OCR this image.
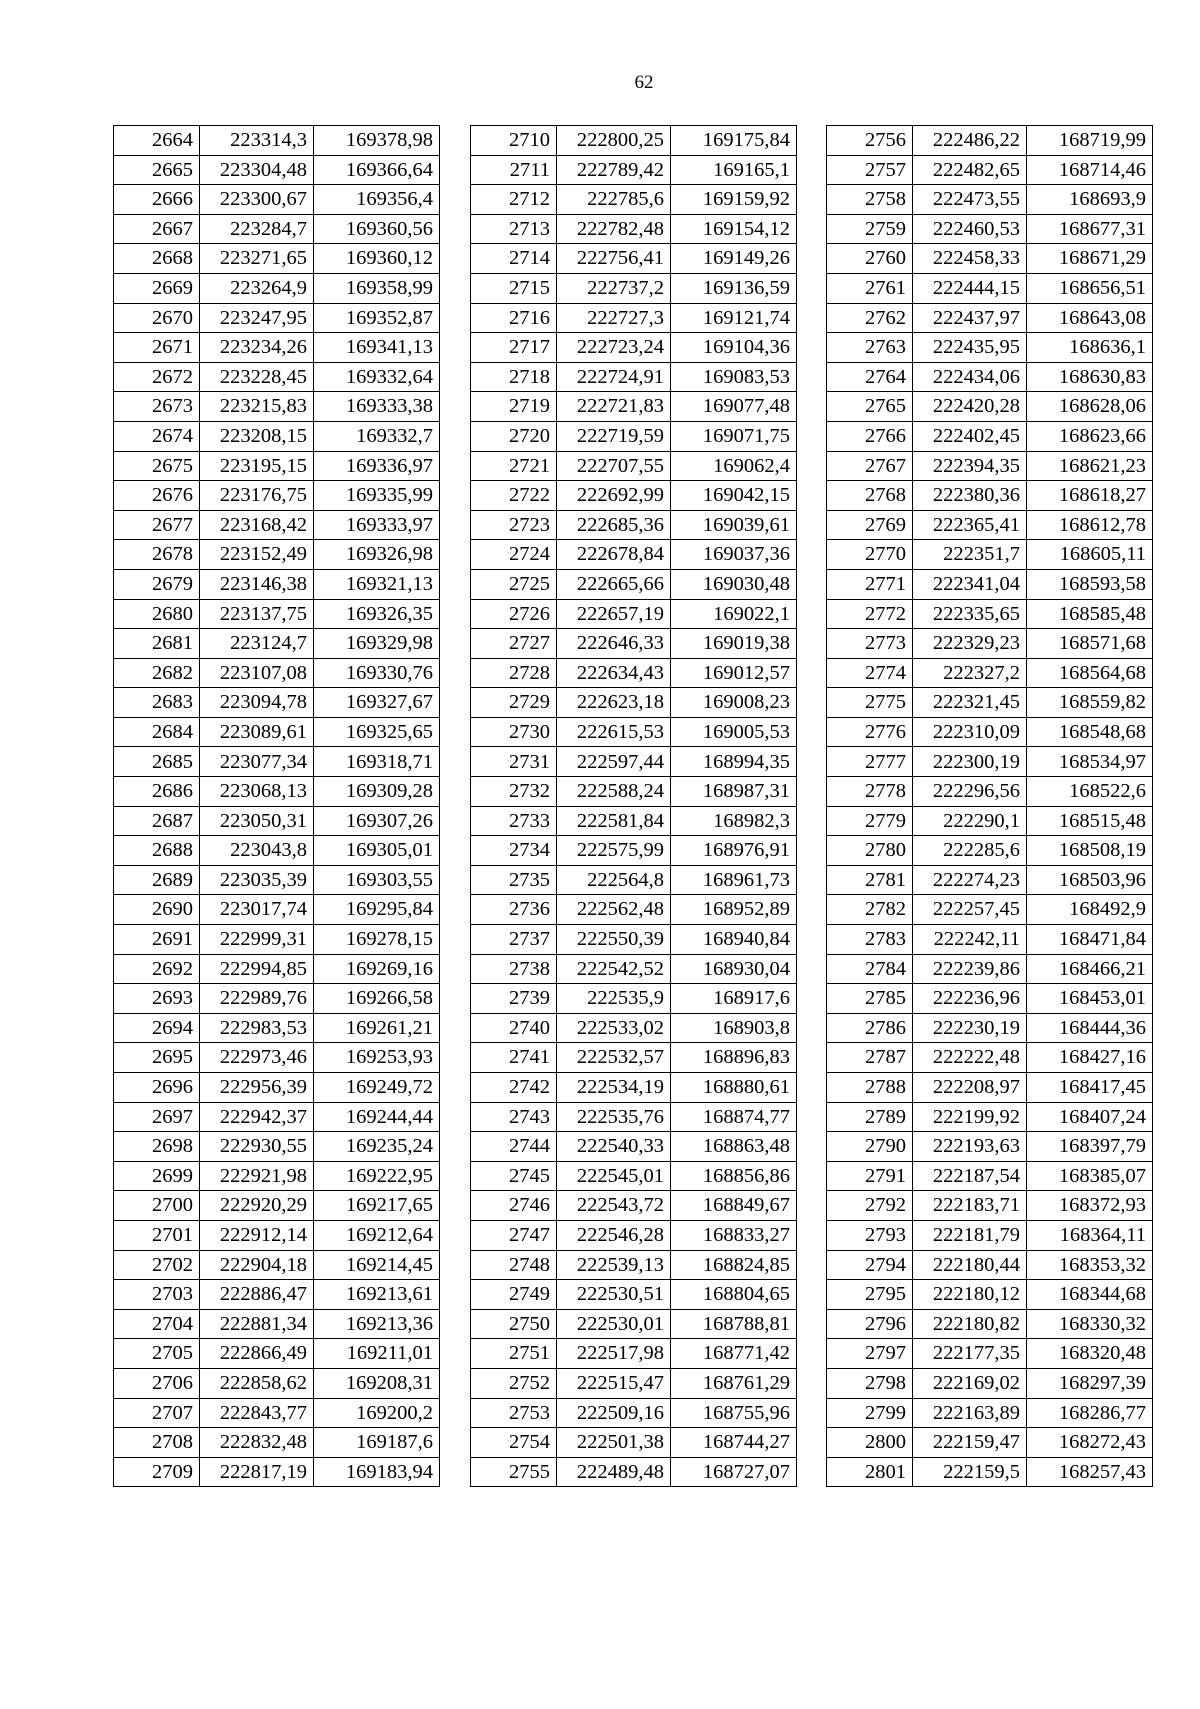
62
2664	223314,3	169378,98
2665	223304,48	169366,64
2666	223300,67	169356,4
2667	223284,7	169360,56
2668	223271,65	169360,12
2669	223264,9	169358,99
2670	223247,95	169352,87
2671	223234,26	169341,13
2672	223228,45	169332,64
2673	223215,83	169333,38
2674	223208,15	169332,7
2675	223195,15	169336,97
2676	223176,75	169335,99
2677	223168,42	169333,97
2678	223152,49	169326,98
2679	223146,38	169321,13
2680	223137,75	169326,35
2681	223124,7	169329,98
2682	223107,08	169330,76
2683	223094,78	169327,67
2684	223089,61	169325,65
2685	223077,34	169318,71
2686	223068,13	169309,28
2687	223050,31	169307,26
2688	223043,8	169305,01
2689	223035,39	169303,55
2690	223017,74	169295,84
2691	222999,31	169278,15
2692	222994,85	169269,16
2693	222989,76	169266,58
2694	222983,53	169261,21
2695	222973,46	169253,93
2696	222956,39	169249,72
2697	222942,37	169244,44
2698	222930,55	169235,24
2699	222921,98	169222,95
2700	222920,29	169217,65
2701	222912,14	169212,64
2702	222904,18	169214,45
2703	222886,47	169213,61
2704	222881,34	169213,36
2705	222866,49	169211,01
2706	222858,62	169208,31
2707	222843,77	169200,2
2708	222832,48	169187,6
2709	222817,19	169183,94
2710	222800,25	169175,84
2711	222789,42	169165,1
2712	222785,6	169159,92
2713	222782,48	169154,12
2714	222756,41	169149,26
2715	222737,2	169136,59
2716	222727,3	169121,74
2717	222723,24	169104,36
2718	222724,91	169083,53
2719	222721,83	169077,48
2720	222719,59	169071,75
2721	222707,55	169062,4
2722	222692,99	169042,15
2723	222685,36	169039,61
2724	222678,84	169037,36
2725	222665,66	169030,48
2726	222657,19	169022,1
2727	222646,33	169019,38
2728	222634,43	169012,57
2729	222623,18	169008,23
2730	222615,53	169005,53
2731	222597,44	168994,35
2732	222588,24	168987,31
2733	222581,84	168982,3
2734	222575,99	168976,91
2735	222564,8	168961,73
2736	222562,48	168952,89
2737	222550,39	168940,84
2738	222542,52	168930,04
2739	222535,9	168917,6
2740	222533,02	168903,8
2741	222532,57	168896,83
2742	222534,19	168880,61
2743	222535,76	168874,77
2744	222540,33	168863,48
2745	222545,01	168856,86
2746	222543,72	168849,67
2747	222546,28	168833,27
2748	222539,13	168824,85
2749	222530,51	168804,65
2750	222530,01	168788,81
2751	222517,98	168771,42
2752	222515,47	168761,29
2753	222509,16	168755,96
2754	222501,38	168744,27
2755	222489,48	168727,07
2756	222486,22	168719,99
2757	222482,65	168714,46
2758	222473,55	168693,9
2759	222460,53	168677,31
2760	222458,33	168671,29
2761	222444,15	168656,51
2762	222437,97	168643,08
2763	222435,95	168636,1
2764	222434,06	168630,83
2765	222420,28	168628,06
2766	222402,45	168623,66
2767	222394,35	168621,23
2768	222380,36	168618,27
2769	222365,41	168612,78
2770	222351,7	168605,11
2771	222341,04	168593,58
2772	222335,65	168585,48
2773	222329,23	168571,68
2774	222327,2	168564,68
2775	222321,45	168559,82
2776	222310,09	168548,68
2777	222300,19	168534,97
2778	222296,56	168522,6
2779	222290,1	168515,48
2780	222285,6	168508,19
2781	222274,23	168503,96
2782	222257,45	168492,9
2783	222242,11	168471,84
2784	222239,86	168466,21
2785	222236,96	168453,01
2786	222230,19	168444,36
2787	222222,48	168427,16
2788	222208,97	168417,45
2789	222199,92	168407,24
2790	222193,63	168397,79
2791	222187,54	168385,07
2792	222183,71	168372,93
2793	222181,79	168364,11
2794	222180,44	168353,32
2795	222180,12	168344,68
2796	222180,82	168330,32
2797	222177,35	168320,48
2798	222169,02	168297,39
2799	222163,89	168286,77
2800	222159,47	168272,43
2801	222159,5	168257,43
